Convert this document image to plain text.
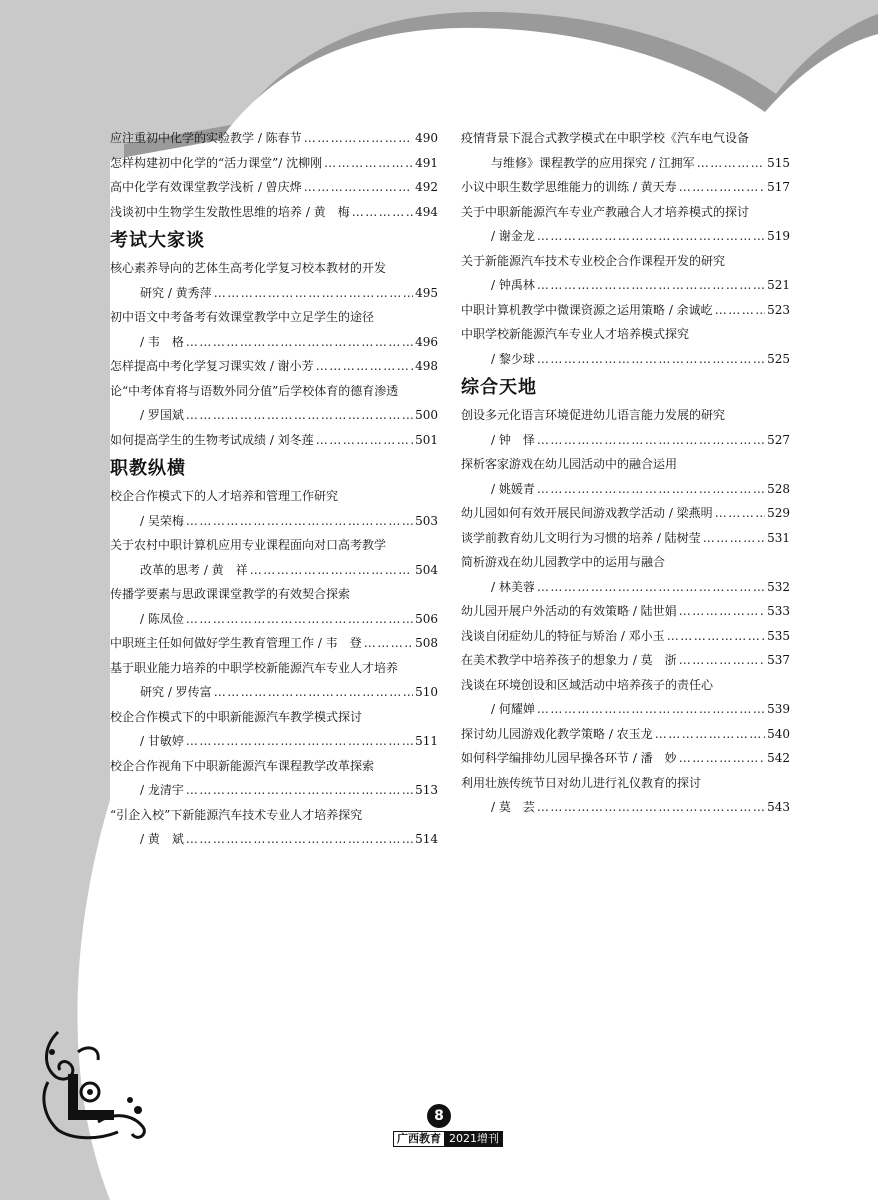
应注重初中化学的实验教学 / 陈春节 ……………………………………………………………………………………………………………………………………	490
怎样构建初中化学的“活力课堂”/ 沈柳刚 ……………………………………………………………………………………………………………………………………	491
高中化学有效课堂教学浅析 / 曾庆烨 ……………………………………………………………………………………………………………………………………	492
浅谈初中生物学生发散性思维的培养 / 黄　梅 ……………………………………………………………………………………………………………………………………	494
考试大家谈
核心素养导向的艺体生高考化学复习校本教材的开发
研究 / 黄秀萍 ……………………………………………………………………………………………………………………………………	495
初中语文中考备考有效课堂教学中立足学生的途径
/ 韦　格 ……………………………………………………………………………………………………………………………………	496
怎样提高中考化学复习课实效 / 谢小芳 ……………………………………………………………………………………………………………………………………	498
论“中考体育将与语数外同分值”后学校体育的德育渗透
/ 罗国斌 ……………………………………………………………………………………………………………………………………	500
如何提高学生的生物考试成绩 / 刘冬莲 ……………………………………………………………………………………………………………………………………	501
职教纵横
校企合作模式下的人才培养和管理工作研究
/ 吴荣梅 ……………………………………………………………………………………………………………………………………	503
关于农村中职计算机应用专业课程面向对口高考教学
改革的思考 / 黄　祥 ……………………………………………………………………………………………………………………………………	504
传播学要素与思政课课堂教学的有效契合探索
/ 陈凤俭 ……………………………………………………………………………………………………………………………………	506
中职班主任如何做好学生教育管理工作 / 韦　登 ……………………………………………………………………………………………………………………………………	508
基于职业能力培养的中职学校新能源汽车专业人才培养
研究 / 罗传富 ……………………………………………………………………………………………………………………………………	510
校企合作模式下的中职新能源汽车教学模式探讨
/ 甘敏婷 ……………………………………………………………………………………………………………………………………	511
校企合作视角下中职新能源汽车课程教学改革探索
/ 龙清宇 ……………………………………………………………………………………………………………………………………	513
“引企入校”下新能源汽车技术专业人才培养探究
/ 黄　斌 ……………………………………………………………………………………………………………………………………	514
疫情背景下混合式教学模式在中职学校《汽车电气设备
与维修》课程教学的应用探究 / 江拥军 ……………………………………………………………………………………………………………………………………	515
小议中职生数学思维能力的训练 / 黄天寿 ……………………………………………………………………………………………………………………………………	517
关于中职新能源汽车专业产教融合人才培养模式的探讨
/ 谢金龙 ……………………………………………………………………………………………………………………………………	519
关于新能源汽车技术专业校企合作课程开发的研究
/ 钟禹林 ……………………………………………………………………………………………………………………………………	521
中职计算机教学中微课资源之运用策略 / 余诚屹 ……………………………………………………………………………………………………………………………………	523
中职学校新能源汽车专业人才培养模式探究
/ 黎少球 ……………………………………………………………………………………………………………………………………	525
综合天地
创设多元化语言环境促进幼儿语言能力发展的研究
/ 钟　怿 ……………………………………………………………………………………………………………………………………	527
探析客家游戏在幼儿园活动中的融合运用
/ 姚媛青 ……………………………………………………………………………………………………………………………………	528
幼儿园如何有效开展民间游戏教学活动 / 梁燕明 ……………………………………………………………………………………………………………………………………	529
谈学前教育幼儿文明行为习惯的培养 / 陆树莹 ……………………………………………………………………………………………………………………………………	531
简析游戏在幼儿园教学中的运用与融合
/ 林美蓉 ……………………………………………………………………………………………………………………………………	532
幼儿园开展户外活动的有效策略 / 陆世娟 ……………………………………………………………………………………………………………………………………	533
浅谈自闭症幼儿的特征与矫治 / 邓小玉 ……………………………………………………………………………………………………………………………………	535
在美术教学中培养孩子的想象力 / 莫　浙 ……………………………………………………………………………………………………………………………………	537
浅谈在环境创设和区域活动中培养孩子的责任心
/ 何耀婵 ……………………………………………………………………………………………………………………………………	539
探讨幼儿园游戏化教学策略 / 农玉龙 ……………………………………………………………………………………………………………………………………	540
如何科学编排幼儿园早操各环节 / 潘　妙 ……………………………………………………………………………………………………………………………………	542
利用壮族传统节日对幼儿进行礼仪教育的探讨
/ 莫　芸 ……………………………………………………………………………………………………………………………………	543
8
广西教育 2021增刊
